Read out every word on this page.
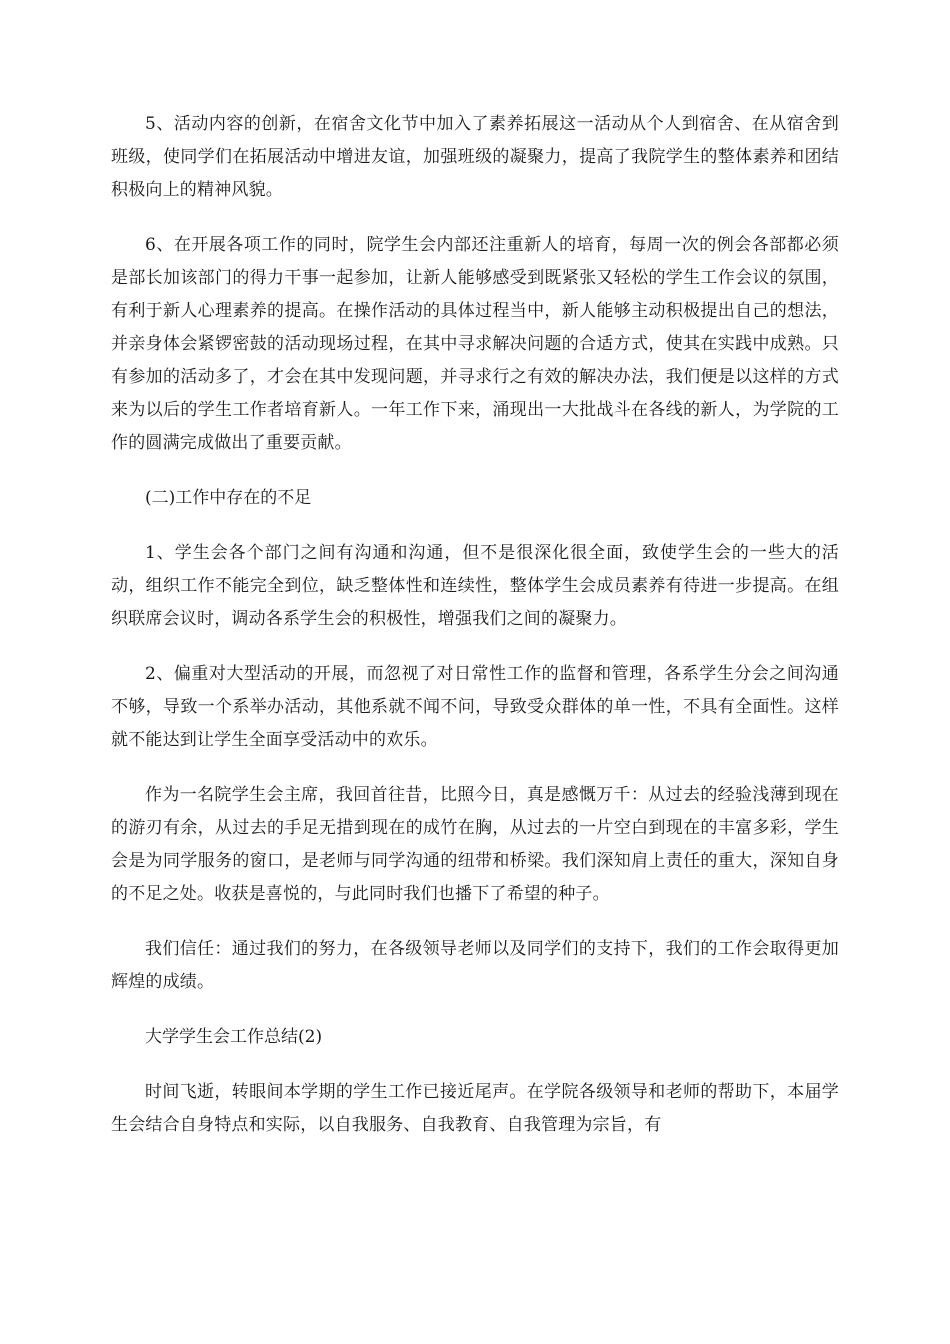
5、活动内容的创新，在宿舍文化节中加入了素养拓展这一活动从个人到宿舍、在从宿舍到班级，使同学们在拓展活动中增进友谊，加强班级的凝聚力，提高了我院学生的整体素养和团结积极向上的精神风貌。

6、在开展各项工作的同时，院学生会内部还注重新人的培育，每周一次的例会各部都必须是部长加该部门的得力干事一起参加，让新人能够感受到既紧张又轻松的学生工作会议的氛围，有利于新人心理素养的提高。在操作活动的具体过程当中，新人能够主动积极提出自己的想法，并亲身体会紧锣密鼓的活动现场过程，在其中寻求解决问题的合适方式，使其在实践中成熟。只有参加的活动多了，才会在其中发现问题，并寻求行之有效的解决办法，我们便是以这样的方式来为以后的学生工作者培育新人。一年工作下来，涌现出一大批战斗在各线的新人，为学院的工作的圆满完成做出了重要贡献。

(二)工作中存在的不足

1、学生会各个部门之间有沟通和沟通，但不是很深化很全面，致使学生会的一些大的活动，组织工作不能完全到位，缺乏整体性和连续性，整体学生会成员素养有待进一步提高。在组织联席会议时，调动各系学生会的积极性，增强我们之间的凝聚力。

2、偏重对大型活动的开展，而忽视了对日常性工作的监督和管理，各系学生分会之间沟通不够，导致一个系举办活动，其他系就不闻不问，导致受众群体的单一性，不具有全面性。这样就不能达到让学生全面享受活动中的欢乐。

作为一名院学生会主席，我回首往昔，比照今日，真是感慨万千：从过去的经验浅薄到现在的游刃有余，从过去的手足无措到现在的成竹在胸，从过去的一片空白到现在的丰富多彩，学生会是为同学服务的窗口，是老师与同学沟通的纽带和桥梁。我们深知肩上责任的重大，深知自身的不足之处。收获是喜悦的，与此同时我们也播下了希望的种子。

我们信任：通过我们的努力，在各级领导老师以及同学们的支持下，我们的工作会取得更加辉煌的成绩。

大学学生会工作总结(2)

时间飞逝，转眼间本学期的学生工作已接近尾声。在学院各级领导和老师的帮助下，本届学生会结合自身特点和实际，以自我服务、自我教育、自我管理为宗旨，有
